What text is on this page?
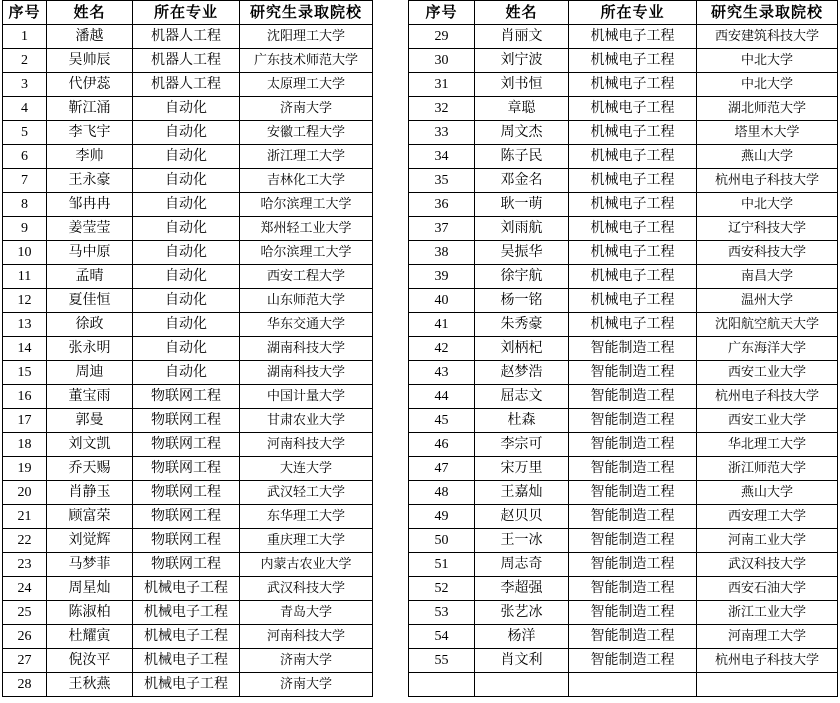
序号	姓名	所在专业	研究生录取院校
1	潘越	机器人工程	沈阳理工大学
2	吴帅辰	机器人工程	广东技术师范大学
3	代伊蕊	机器人工程	太原理工大学
4	靳江涌	自动化	济南大学
5	李飞宇	自动化	安徽工程大学
6	李帅	自动化	浙江理工大学
7	王永豪	自动化	吉林化工大学
8	邹冉冉	自动化	哈尔滨理工大学
9	姜莹莹	自动化	郑州轻工业大学
10	马中原	自动化	哈尔滨理工大学
11	孟晴	自动化	西安工程大学
12	夏佳恒	自动化	山东师范大学
13	徐政	自动化	华东交通大学
14	张永明	自动化	湖南科技大学
15	周迪	自动化	湖南科技大学
16	董宝雨	物联网工程	中国计量大学
17	郭曼	物联网工程	甘肃农业大学
18	刘文凯	物联网工程	河南科技大学
19	乔天赐	物联网工程	大连大学
20	肖静玉	物联网工程	武汉轻工大学
21	顾富荣	物联网工程	东华理工大学
22	刘觉辉	物联网工程	重庆理工大学
23	马梦菲	物联网工程	内蒙古农业大学
24	周星灿	机械电子工程	武汉科技大学
25	陈淑柏	机械电子工程	青岛大学
26	杜耀寅	机械电子工程	河南科技大学
27	倪汝平	机械电子工程	济南大学
28	王秋燕	机械电子工程	济南大学
序号	姓名	所在专业	研究生录取院校
29	肖丽文	机械电子工程	西安建筑科技大学
30	刘宁波	机械电子工程	中北大学
31	刘书恒	机械电子工程	中北大学
32	章聪	机械电子工程	湖北师范大学
33	周文杰	机械电子工程	塔里木大学
34	陈子民	机械电子工程	燕山大学
35	邓金名	机械电子工程	杭州电子科技大学
36	耿一萌	机械电子工程	中北大学
37	刘雨航	机械电子工程	辽宁科技大学
38	吴振华	机械电子工程	西安科技大学
39	徐宇航	机械电子工程	南昌大学
40	杨一铭	机械电子工程	温州大学
41	朱秀豪	机械电子工程	沈阳航空航天大学
42	刘柄杞	智能制造工程	广东海洋大学
43	赵梦浩	智能制造工程	西安工业大学
44	屈志文	智能制造工程	杭州电子科技大学
45	杜森	智能制造工程	西安工业大学
46	李宗可	智能制造工程	华北理工大学
47	宋万里	智能制造工程	浙江师范大学
48	王嘉灿	智能制造工程	燕山大学
49	赵贝贝	智能制造工程	西安理工大学
50	王一冰	智能制造工程	河南工业大学
51	周志奇	智能制造工程	武汉科技大学
52	李超强	智能制造工程	西安石油大学
53	张艺冰	智能制造工程	浙江工业大学
54	杨洋	智能制造工程	河南理工大学
55	肖文利	智能制造工程	杭州电子科技大学
